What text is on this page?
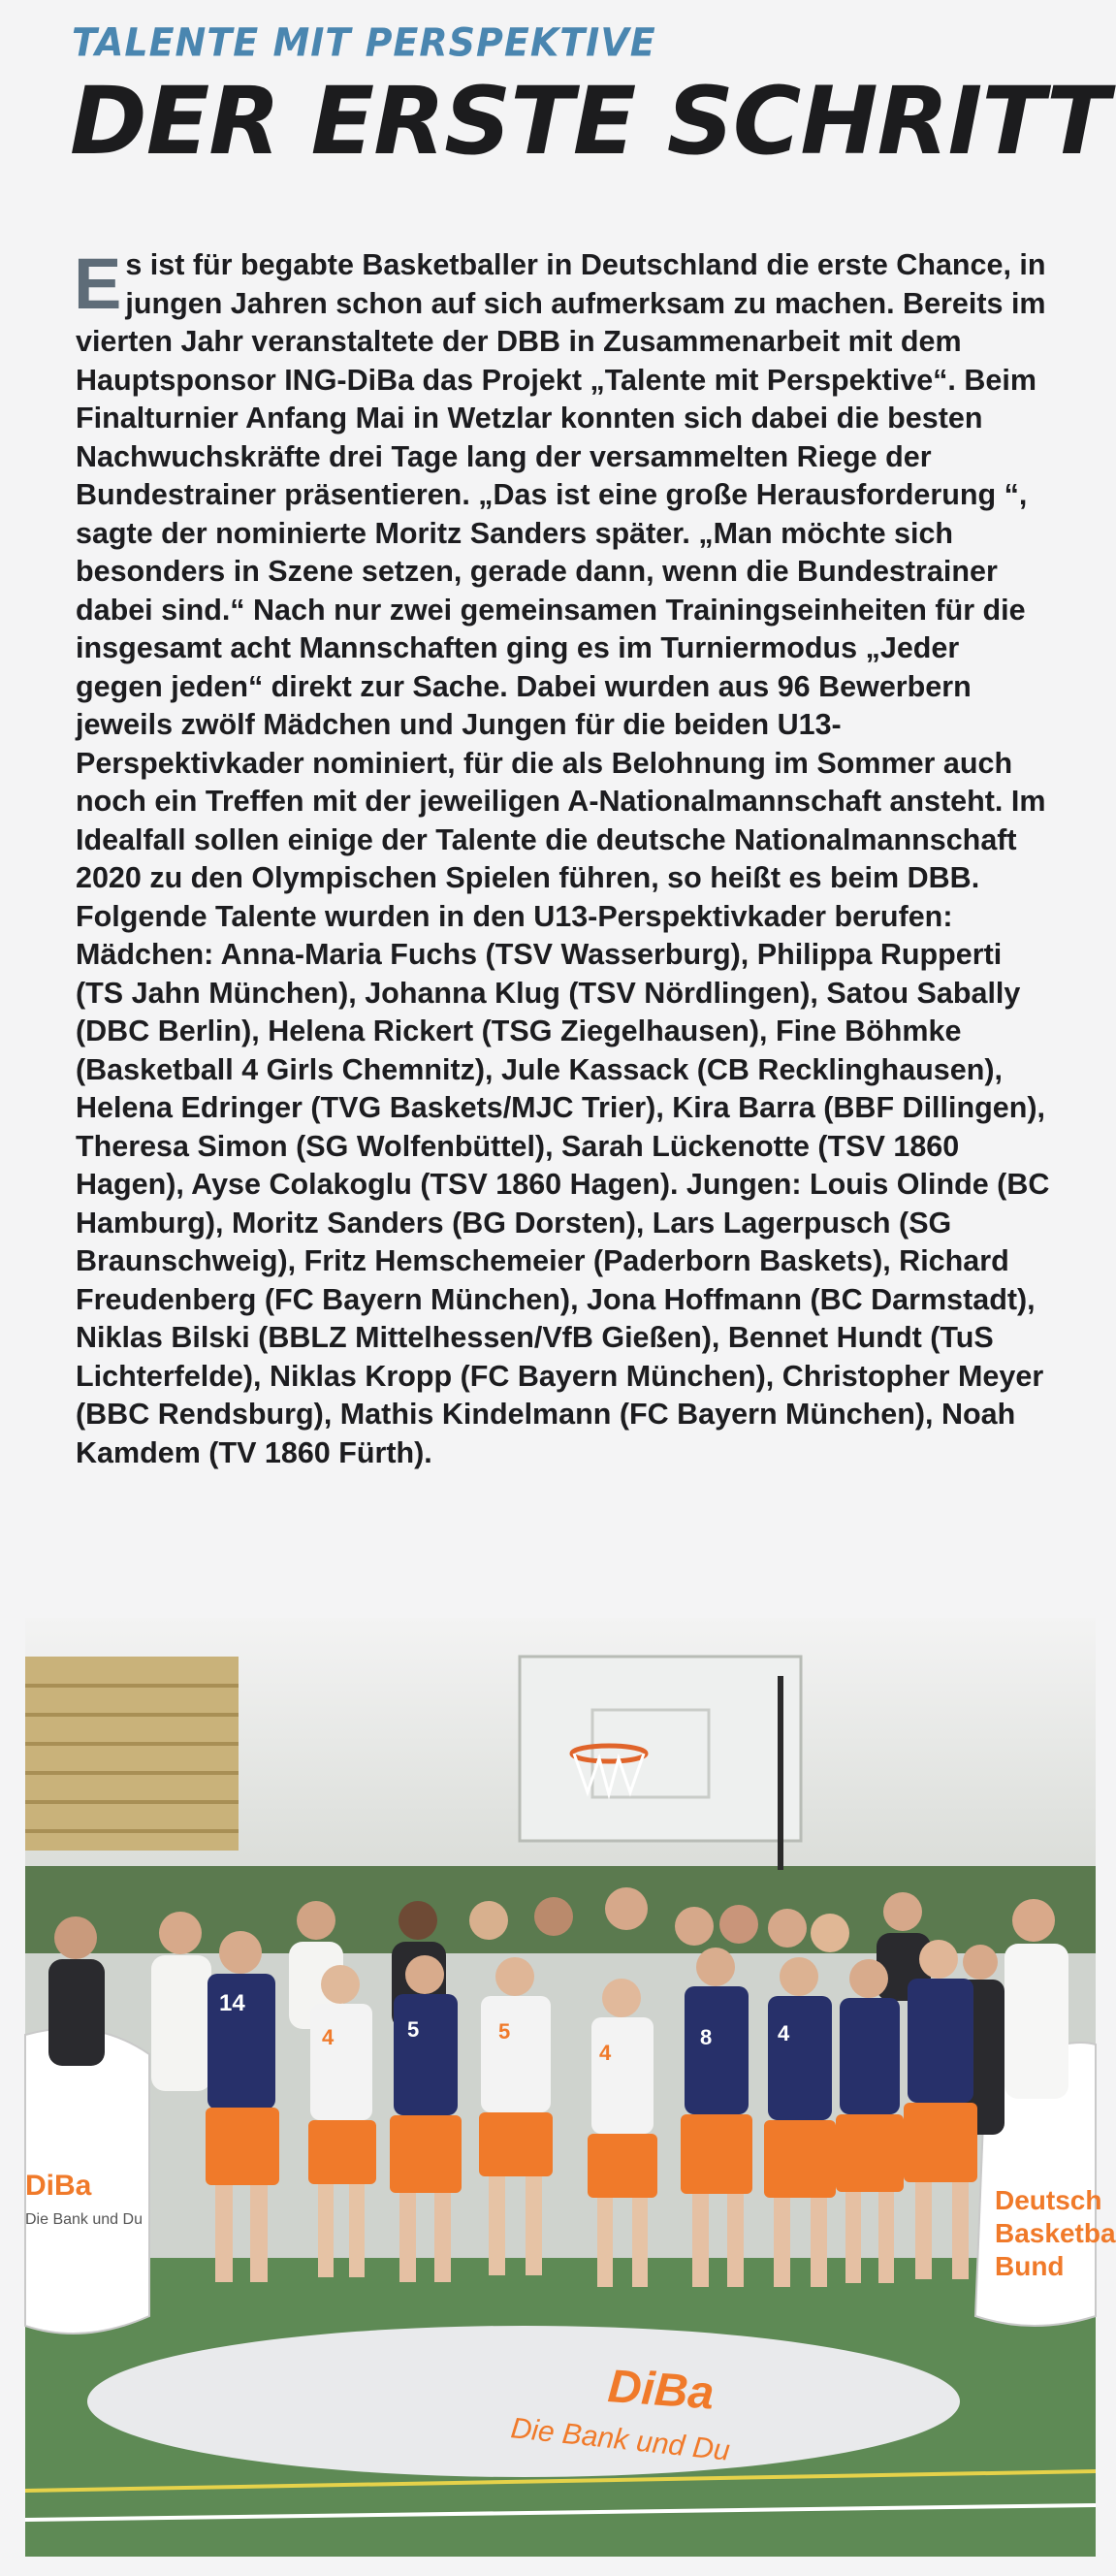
TALENTE MIT PERSPEKTIVE
DER ERSTE SCHRITT

Es ist für begabte Basketballer in Deutschland die erste Chance, in jungen Jahren schon auf sich aufmerksam zu machen. Bereits im vierten Jahr veranstaltete der DBB in Zusammenarbeit mit dem Hauptsponsor ING-DiBa das Projekt „Talente mit Perspektive“. Beim Finalturnier Anfang Mai in Wetzlar konnten sich dabei die besten Nachwuchskräfte drei Tage lang der versammelten Riege der Bundestrainer präsentieren. „Das ist eine große Herausforderung “, sagte der nominierte Moritz Sanders später. „Man möchte sich besonders in Szene setzen, gerade dann, wenn die Bundestrainer dabei sind.“ Nach nur zwei gemeinsamen Trainingseinheiten für die insgesamt acht Mannschaften ging es im Turniermodus „Jeder gegen jeden“ direkt zur Sache. Dabei wurden aus 96 Bewerbern jeweils zwölf Mädchen und Jungen für die beiden U13-Perspektivkader nominiert, für die als Belohnung im Sommer auch noch ein Treffen mit der jeweiligen A-Nationalmannschaft ansteht. Im Idealfall sollen einige der Talente die deutsche Nationalmannschaft 2020 zu den Olympischen Spielen führen, so heißt es beim DBB.

Folgende Talente wurden in den U13-Perspektivkader berufen: Mädchen: Anna-Maria Fuchs (TSV Wasserburg), Philippa Rupperti (TS Jahn München), Johanna Klug (TSV Nördlingen), Satou Sabally (DBC Berlin), Helena Rickert (TSG Ziegelhausen), Fine Böhmke (Basketball 4 Girls Chemnitz), Jule Kassack (CB Recklinghausen), Helena Edringer (TVG Baskets/MJC Trier), Kira Barra (BBF Dillingen), Theresa Simon (SG Wolfenbüttel), Sarah Lückenotte (TSV 1860 Hagen), Ayse Colakoglu (TSV 1860 Hagen). Jungen: Louis Olinde (BC Hamburg), Moritz Sanders (BG Dorsten), Lars Lagerpusch (SG Braunschweig), Fritz Hemschemeier (Paderborn Baskets), Richard Freudenberg (FC Bayern München), Jona Hoffmann (BC Darmstadt), Niklas Bilski (BBLZ Mittelhessen/VfB Gießen), Bennet Hundt (TuS Lichterfelde), Niklas Kropp (FC Bayern München), Christopher Meyer (BBC Rendsburg), Mathis Kindelmann (FC Bayern München), Noah Kamdem (TV 1860 Fürth).

DiBa
Die Bank und Du
DiBa
Die Bank und Du
Deutsch
Basketba
Bund
14
4	5	5
4
8	4
